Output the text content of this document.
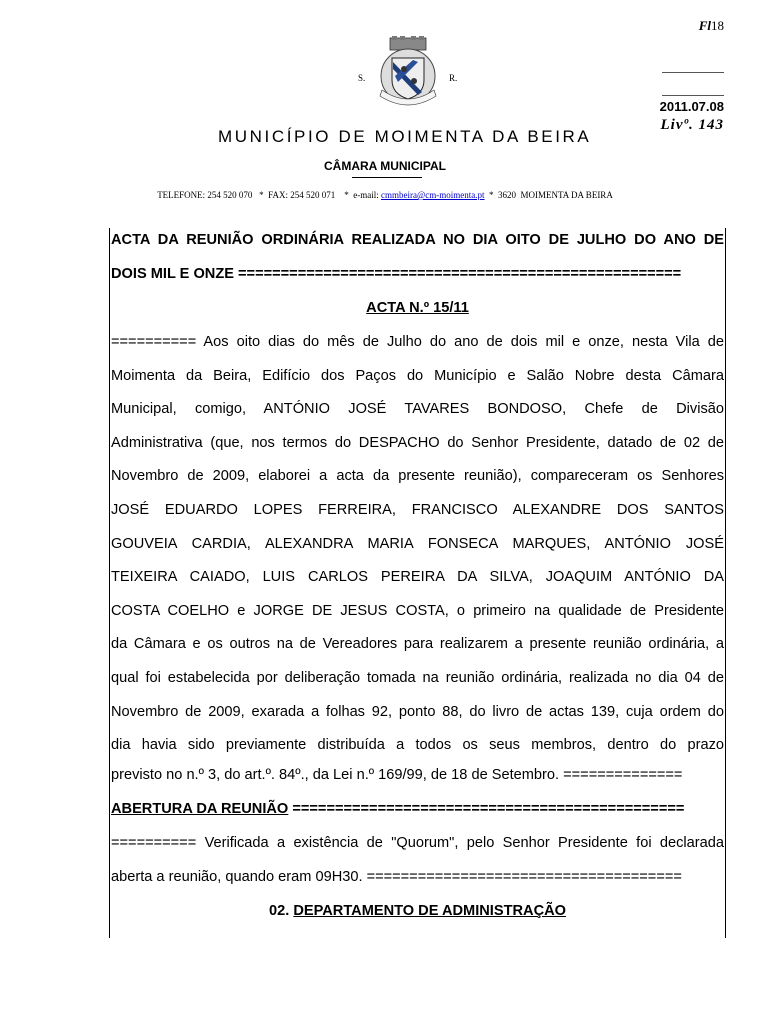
S.	R.
Fl18
2011.07.08
Livº. 143
MUNICÍPIO DE MOIMENTA DA BEIRA
CÂMARA MUNICIPAL
TELEFONE: 254 520 070   *  FAX: 254 520 071    *  e-mail: cmmbeira@cm-moimenta.pt  *  3620  MOIMENTA DA BEIRA
ACTA DA REUNIÃO ORDINÁRIA REALIZADA NO DIA OITO DE JULHO DO ANO DE
DOIS MIL E ONZE ====================================================
ACTA N.º 15/11
========== Aos oito dias do mês de Julho do ano de dois mil e onze, nesta Vila de
Moimenta da Beira, Edifício dos Paços do Município e Salão Nobre desta Câmara
Municipal, comigo, ANTÓNIO JOSÉ TAVARES BONDOSO, Chefe de Divisão
Administrativa (que, nos termos do DESPACHO do Senhor Presidente, datado de 02 de
Novembro de 2009, elaborei a acta da presente reunião), compareceram os Senhores
JOSÉ EDUARDO LOPES FERREIRA, FRANCISCO ALEXANDRE DOS SANTOS
GOUVEIA CARDIA, ALEXANDRA MARIA FONSECA MARQUES, ANTÓNIO JOSÉ
TEIXEIRA CAIADO, LUIS CARLOS PEREIRA DA SILVA, JOAQUIM ANTÓNIO DA
COSTA COELHO e JORGE DE JESUS COSTA, o primeiro na qualidade de Presidente
da Câmara e os outros na de Vereadores para realizarem a presente reunião ordinária, a
qual foi estabelecida por deliberação tomada na reunião ordinária, realizada no dia 04 de
Novembro de 2009, exarada a folhas 92, ponto 88, do livro de actas 139, cuja ordem do
dia havia sido previamente distribuída a todos os seus membros, dentro do prazo
previsto no n.º 3, do art.º. 84º., da Lei n.º 169/99, de 18 de Setembro. ==============
ABERTURA DA REUNIÃO ==============================================
========== Verificada a existência de "Quorum", pelo Senhor Presidente foi declarada
aberta a reunião, quando eram 09H30. =====================================
02. DEPARTAMENTO DE ADMINISTRAÇÃO
